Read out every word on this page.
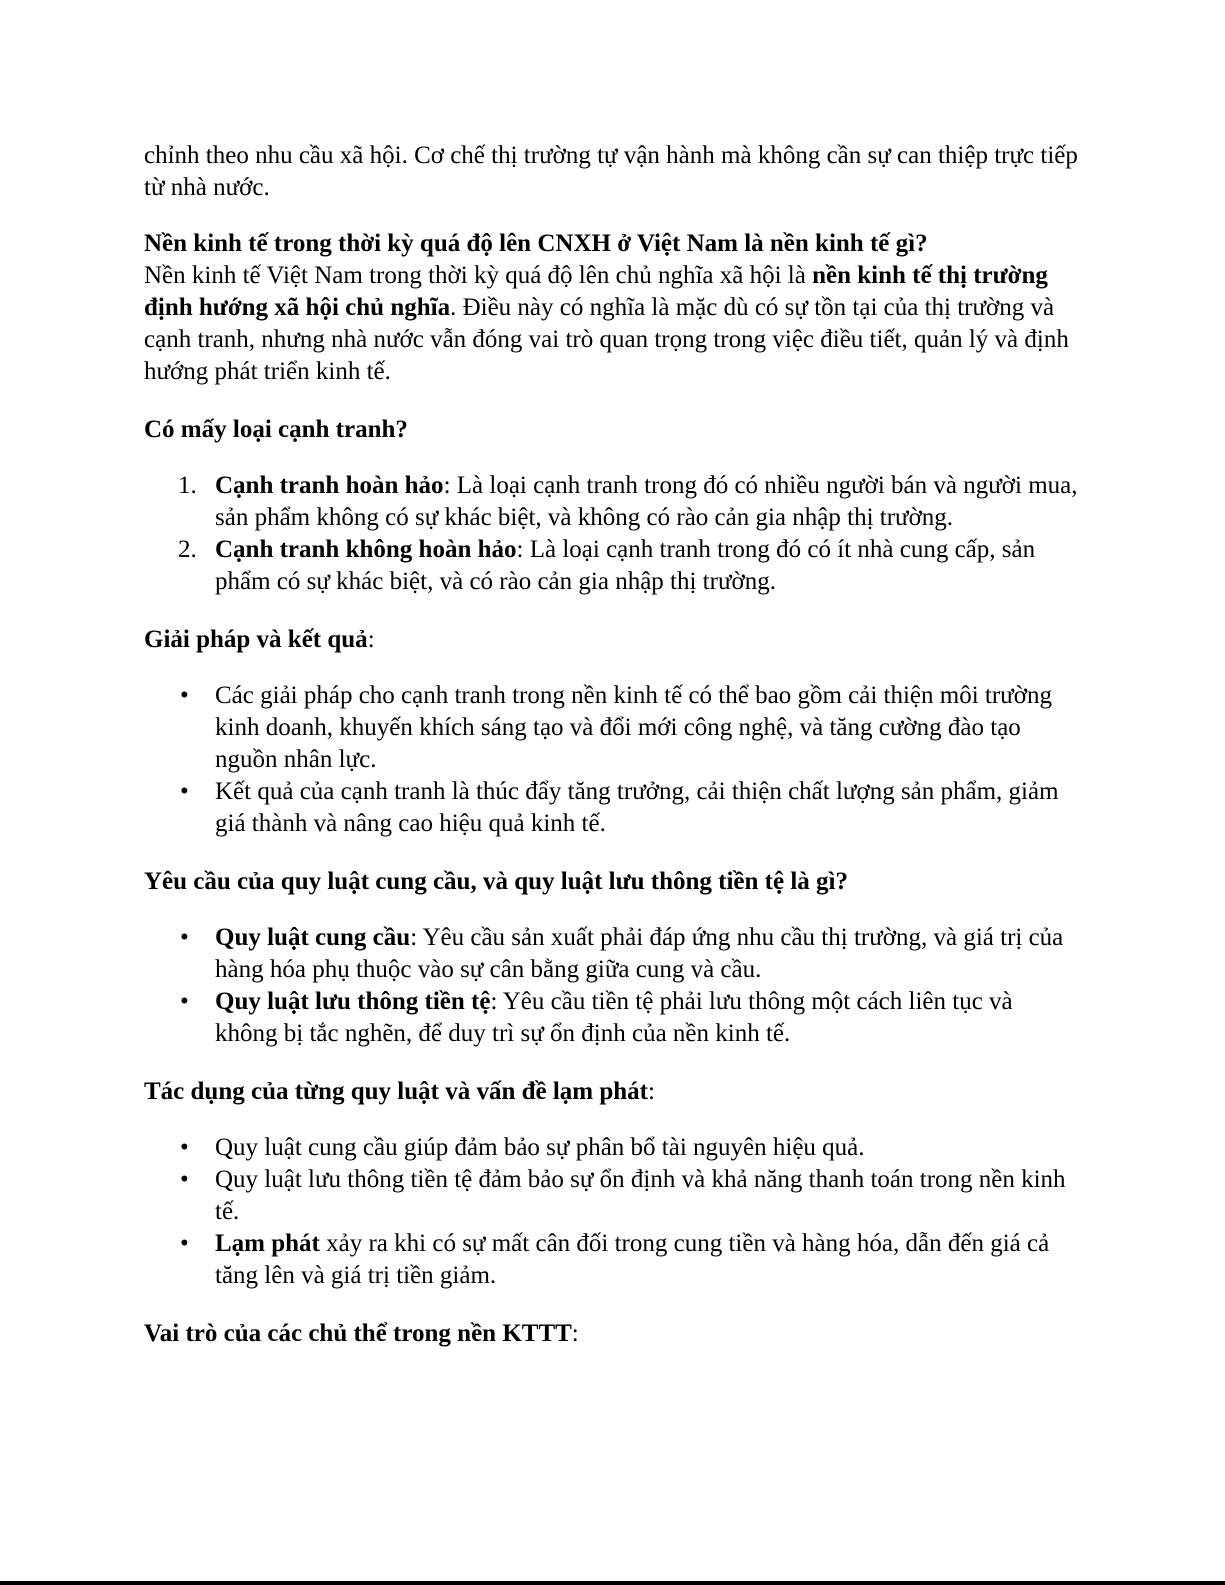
chỉnh theo nhu cầu xã hội. Cơ chế thị trường tự vận hành mà không cần sự can thiệp trực tiếp từ nhà nước.

Nền kinh tế trong thời kỳ quá độ lên CNXH ở Việt Nam là nền kinh tế gì?

Nền kinh tế Việt Nam trong thời kỳ quá độ lên chủ nghĩa xã hội là nền kinh tế thị trường định hướng xã hội chủ nghĩa. Điều này có nghĩa là mặc dù có sự tồn tại của thị trường và cạnh tranh, nhưng nhà nước vẫn đóng vai trò quan trọng trong việc điều tiết, quản lý và định hướng phát triển kinh tế.

Có mấy loại cạnh tranh?

1. Cạnh tranh hoàn hảo: Là loại cạnh tranh trong đó có nhiều người bán và người mua, sản phẩm không có sự khác biệt, và không có rào cản gia nhập thị trường.
2. Cạnh tranh không hoàn hảo: Là loại cạnh tranh trong đó có ít nhà cung cấp, sản phẩm có sự khác biệt, và có rào cản gia nhập thị trường.

Giải pháp và kết quả:

• Các giải pháp cho cạnh tranh trong nền kinh tế có thể bao gồm cải thiện môi trường kinh doanh, khuyến khích sáng tạo và đổi mới công nghệ, và tăng cường đào tạo nguồn nhân lực.
• Kết quả của cạnh tranh là thúc đẩy tăng trưởng, cải thiện chất lượng sản phẩm, giảm giá thành và nâng cao hiệu quả kinh tế.

Yêu cầu của quy luật cung cầu, và quy luật lưu thông tiền tệ là gì?

• Quy luật cung cầu: Yêu cầu sản xuất phải đáp ứng nhu cầu thị trường, và giá trị của hàng hóa phụ thuộc vào sự cân bằng giữa cung và cầu.
• Quy luật lưu thông tiền tệ: Yêu cầu tiền tệ phải lưu thông một cách liên tục và không bị tắc nghẽn, để duy trì sự ổn định của nền kinh tế.

Tác dụng của từng quy luật và vấn đề lạm phát:

• Quy luật cung cầu giúp đảm bảo sự phân bổ tài nguyên hiệu quả.
• Quy luật lưu thông tiền tệ đảm bảo sự ổn định và khả năng thanh toán trong nền kinh tế.
• Lạm phát xảy ra khi có sự mất cân đối trong cung tiền và hàng hóa, dẫn đến giá cả tăng lên và giá trị tiền giảm.

Vai trò của các chủ thể trong nền KTTT:
